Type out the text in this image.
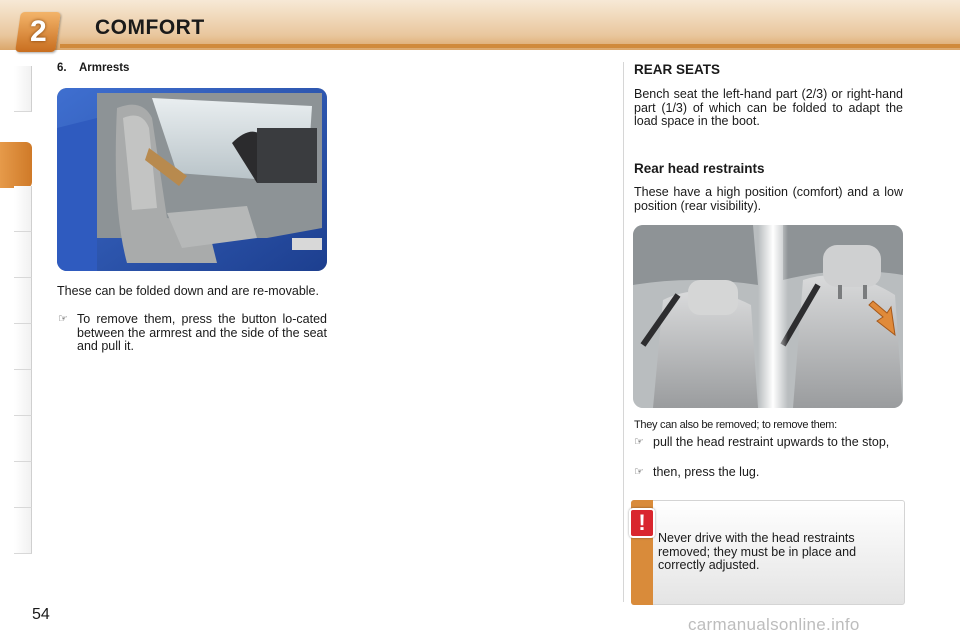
2 COMFORT
6.    Armrests
These can be folded down and are re-movable.
☞ To remove them, press the button lo-cated between the armrest and the side of the seat and pull it.
REAR SEATS
Bench seat the left-hand part (2/3) or right-hand part (1/3) of which can be folded to adapt the load space in the boot.
Rear head restraints
These have a high position (comfort) and a low position (rear visibility).
They can also be removed; to remove them:
☞ pull the head restraint upwards to the stop,
☞ then, press the lug.
!
Never drive with the head restraints removed; they must be in place and correctly adjusted.
54
carmanualsonline.info
